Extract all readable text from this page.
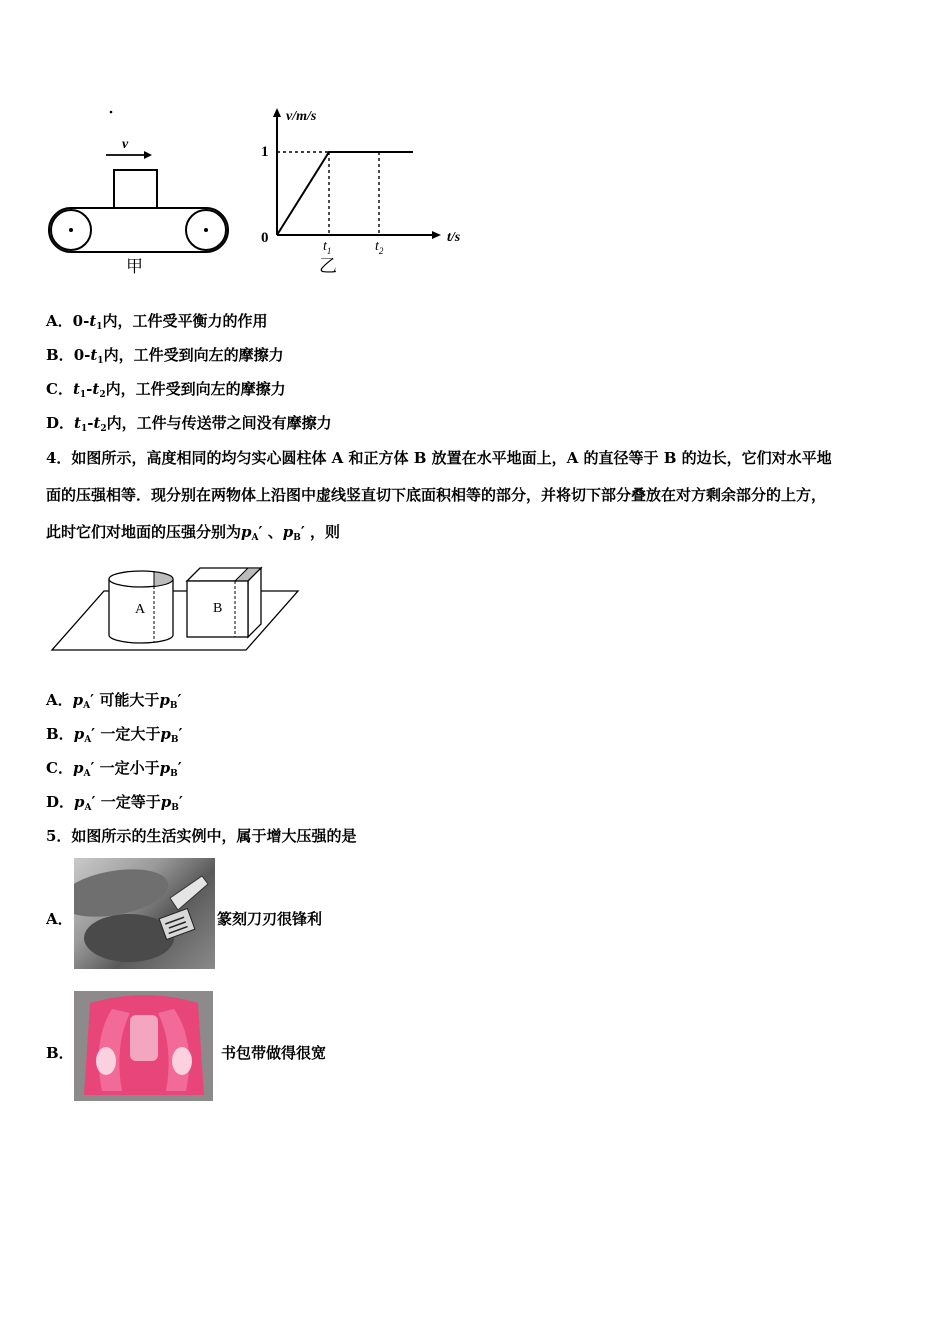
v
甲
v/m/s
t/s
1
0
$t_1$	$t_2$
乙
A．$0-t_1$内，工件受平衡力的作用
B．$0-t_1$内，工件受到向左的摩擦力
C．$t_1-t_2$内，工件受到向左的摩擦力
D．$t_1-t_2$内，工件与传送带之间没有摩擦力
4．如图所示，高度相同的均匀实心圆柱体 A 和正方体 B 放置在水平地面上，A 的直径等于 B 的边长，它们对水平地
面的压强相等．现分别在两物体上沿图中虚线竖直切下底面积相等的部分，并将切下部分叠放在对方剩余部分的上方，
此时它们对地面的压强分别为$p_A'$ 、$p_B'$ ，则
A	B
A．$p_A'$ 可能大于$p_B'$
B．$p_A'$ 一定大于$p_B'$
C．$p_A'$ 一定小于$p_B'$
D．$p_A'$ 一定等于$p_B'$
5．如图所示的生活实例中，属于增大压强的是
A．	篆刻刀刃很锋利
B．	书包带做得很宽
